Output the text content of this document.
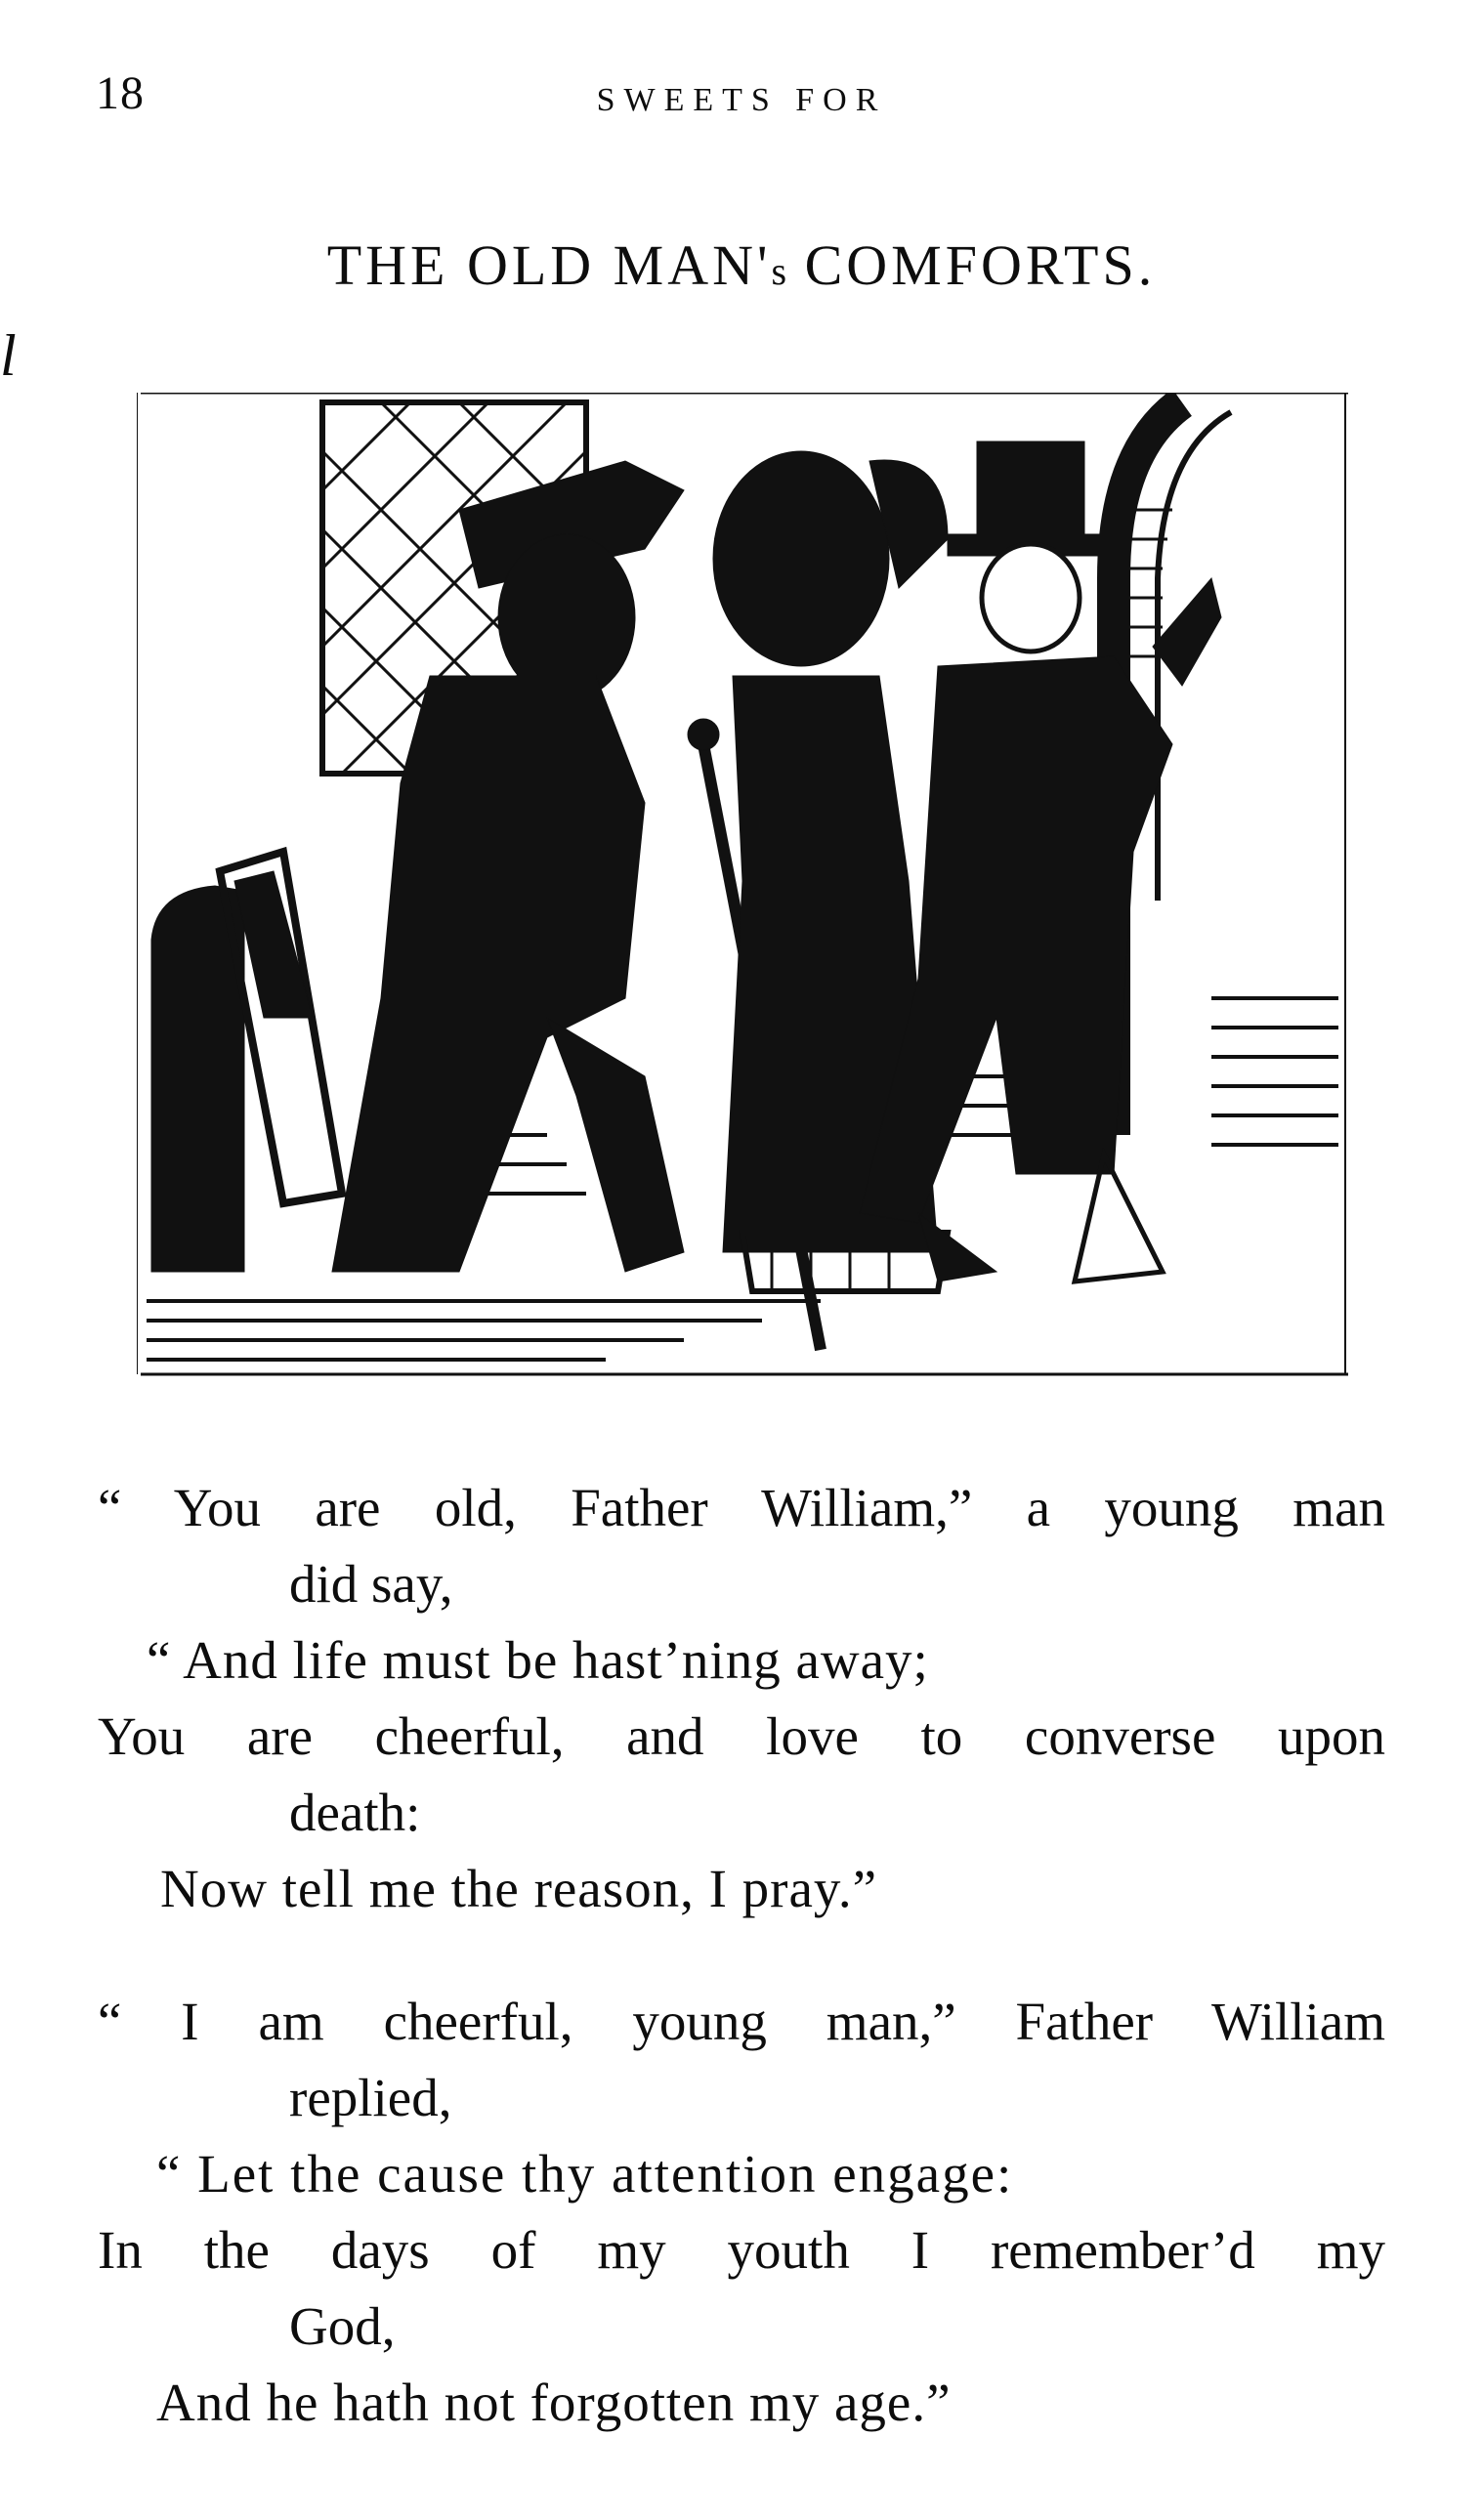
18	SWEETS FOR
l
THE OLD MAN's COMFORTS.
“ You are old, Father William,” a young man
did say,
“ And life must be hast’ning away;
You are cheerful, and love to converse upon
death:
Now tell me the reason, I pray.”
“ I am cheerful, young man,” Father William
replied,
“ Let the cause thy attention engage:
In the days of my youth I remember’d my
God,
And he hath not forgotten my age.”
